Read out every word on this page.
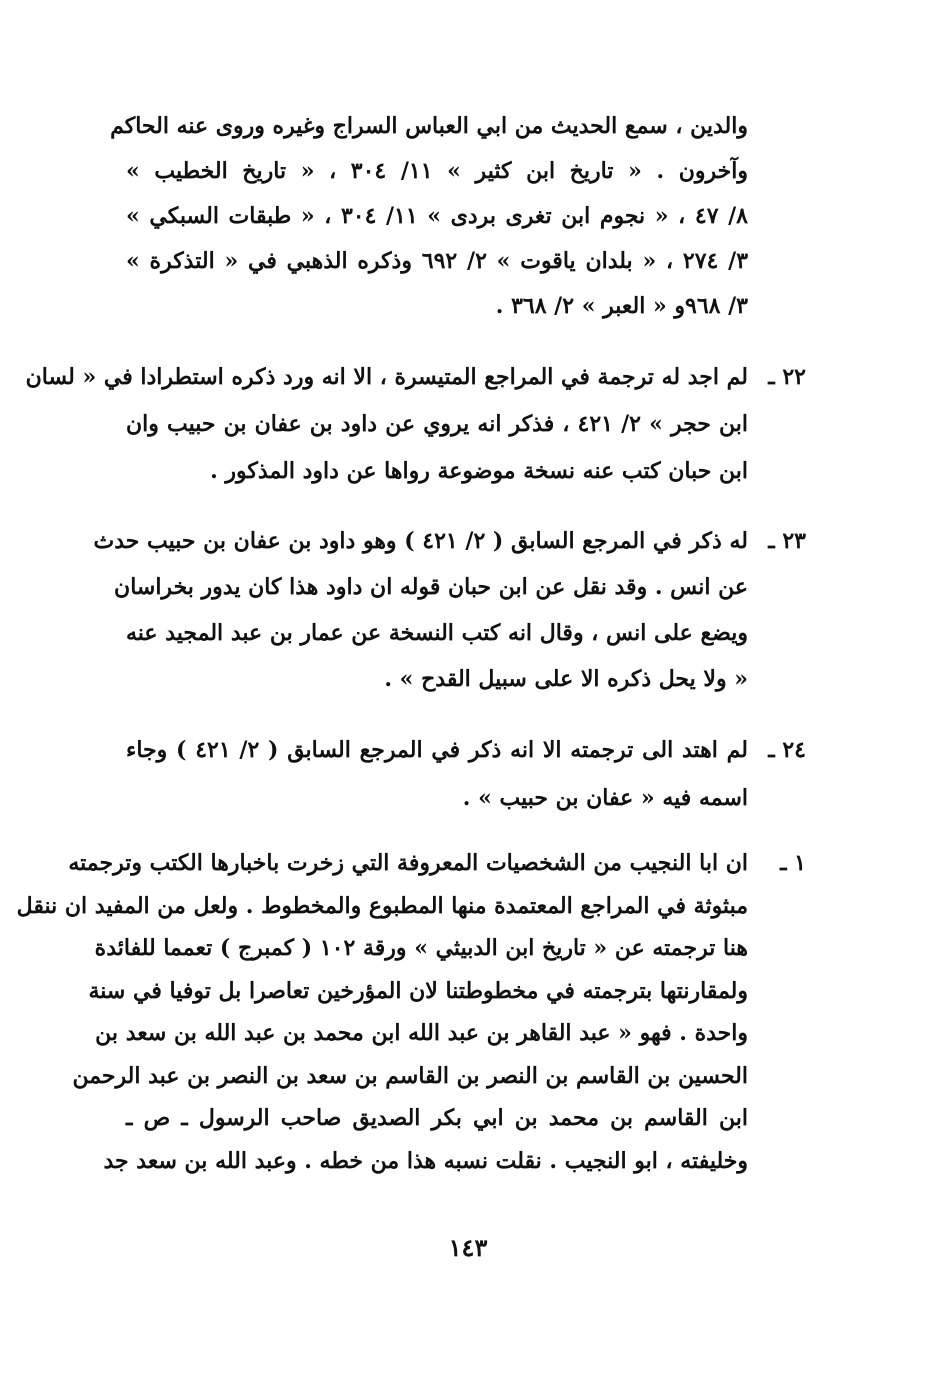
والدين ، سمع الحديث من ابي العباس السراج وغيره وروى عنه الحاكم
وآخرون . « تاريخ ابن كثير » ١١/ ٣٠٤ ، « تاريخ الخطيب »
٨/ ٤٧ ، « نجوم ابن تغرى بردى » ١١/ ٣٠٤ ، « طبقات السبكي »
٣/ ٢٧٤ ، « بلدان ياقوت » ٢/ ٦٩٢ وذكره الذهبي في « التذكرة »
٣/ ٩٦٨و « العبر » ٢/ ٣٦٨ .
٢٢ ـ
لم اجد له ترجمة في المراجع المتيسرة ، الا انه ورد ذكره استطرادا في « لسان
ابن حجر » ٢/ ٤٢١ ، فذكر انه يروي عن داود بن عفان بن حبيب وان
ابن حبان كتب عنه نسخة موضوعة رواها عن داود المذكور .
٢٣ ـ
له ذكر في المرجع السابق ( ٢/ ٤٢١ ) وهو داود بن عفان بن حبيب حدث
عن انس . وقد نقل عن ابن حبان قوله ان داود هذا كان يدور بخراسان
ويضع على انس ، وقال انه كتب النسخة عن عمار بن عبد المجيد عنه
« ولا يحل ذكره الا على سبيل القدح » .
٢٤ ـ
لم اهتد الى ترجمته الا انه ذكر في المرجع السابق ( ٢/ ٤٢١ ) وجاء
اسمه فيه « عفان بن حبيب » .
١ ـ
ان ابا النجيب من الشخصيات المعروفة التي زخرت باخبارها الكتب وترجمته
مبثوثة في المراجع المعتمدة منها المطبوع والمخطوط . ولعل من المفيد ان ننقل
هنا ترجمته عن « تاريخ ابن الدبيثي » ورقة ١٠٢ ( كمبرج ) تعمما للفائدة
ولمقارنتها بترجمته في مخطوطتنا لان المؤرخين تعاصرا بل توفيا في سنة
واحدة . فهو « عبد القاهر بن عبد الله ابن محمد بن عبد الله بن سعد بن
الحسين بن القاسم بن النصر بن القاسم بن سعد بن النصر بن عبد الرحمن
ابن القاسم بن محمد بن ابي بكر الصديق صاحب الرسول ـ ص ـ
وخليفته ، ابو النجيب . نقلت نسبه هذا من خطه . وعبد الله بن سعد جد
١٤٣
